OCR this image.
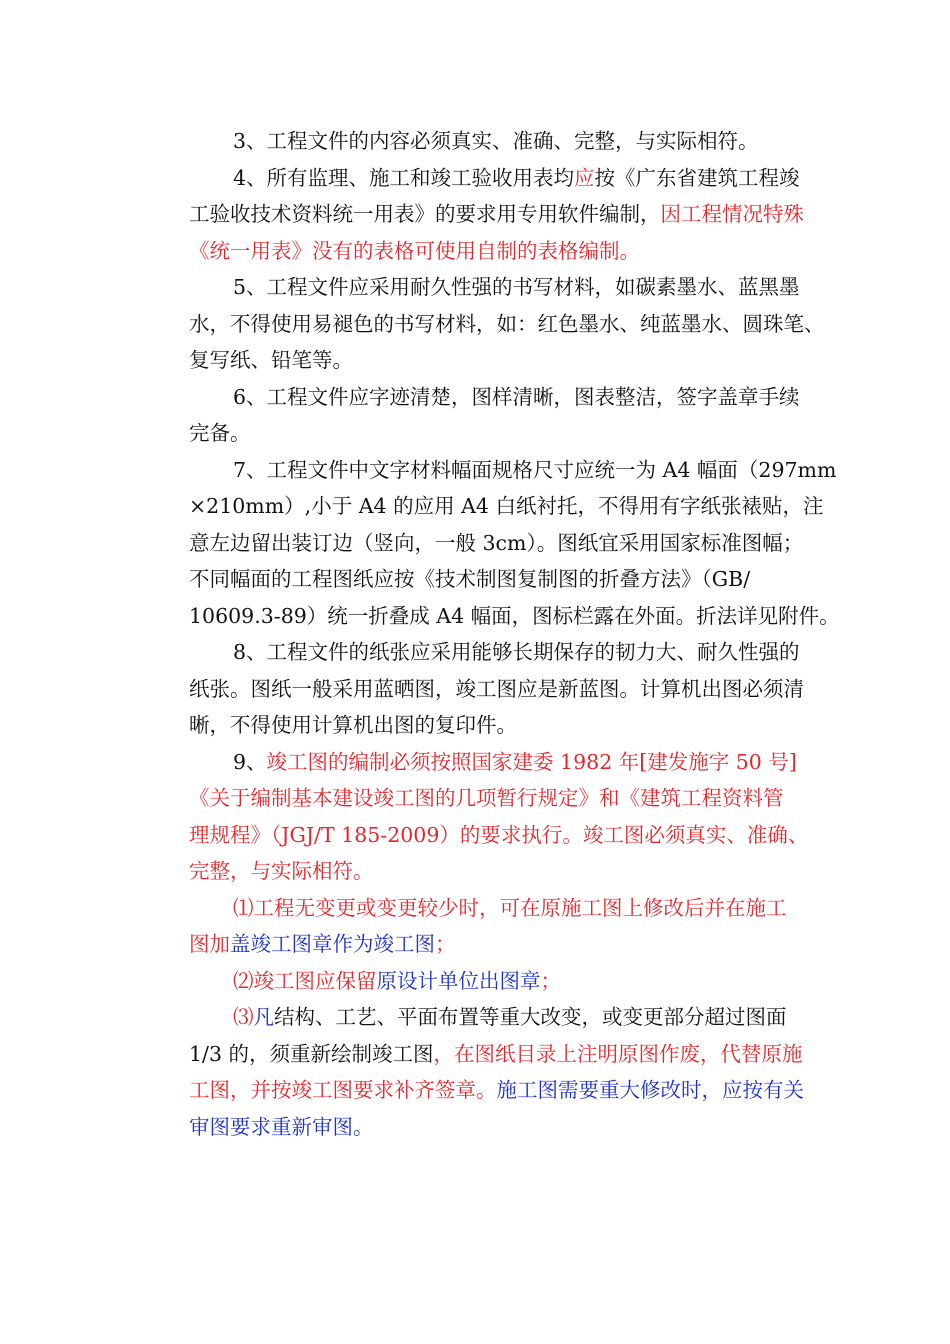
3、工程文件的内容必须真实、准确、完整，与实际相符。
4、所有监理、施工和竣工验收用表均应按《广东省建筑工程竣
工验收技术资料统一用表》的要求用专用软件编制，因工程情况特殊
《统一用表》没有的表格可使用自制的表格编制。
5、工程文件应采用耐久性强的书写材料，如碳素墨水、蓝黑墨
水，不得使用易褪色的书写材料，如：红色墨水、纯蓝墨水、圆珠笔、
复写纸、铅笔等。
6、工程文件应字迹清楚，图样清晰，图表整洁，签字盖章手续
完备。
7、工程文件中文字材料幅面规格尺寸应统一为 A4 幅面（297mm
×210mm）,小于 A4 的应用 A4 白纸衬托，不得用有字纸张裱贴，注
意左边留出装订边（竖向，一般 3cm）。图纸宜采用国家标准图幅；
不同幅面的工程图纸应按《技术制图复制图的折叠方法》（GB/
10609.3-89）统一折叠成 A4 幅面，图标栏露在外面。折法详见附件。
8、工程文件的纸张应采用能够长期保存的韧力大、耐久性强的
纸张。图纸一般采用蓝晒图，竣工图应是新蓝图。计算机出图必须清
晰，不得使用计算机出图的复印件。
9、竣工图的编制必须按照国家建委 1982 年[建发施字 50 号]
《关于编制基本建设竣工图的几项暂行规定》和《建筑工程资料管
理规程》（JGJ/T 185-2009）的要求执行。竣工图必须真实、准确、
完整，与实际相符。
⑴工程无变更或变更较少时，可在原施工图上修改后并在施工
图加盖竣工图章作为竣工图；
⑵竣工图应保留原设计单位出图章；
⑶凡结构、工艺、平面布置等重大改变，或变更部分超过图面
1/3 的，须重新绘制竣工图，在图纸目录上注明原图作废，代替原施
工图，并按竣工图要求补齐签章。施工图需要重大修改时，应按有关
审图要求重新审图。
